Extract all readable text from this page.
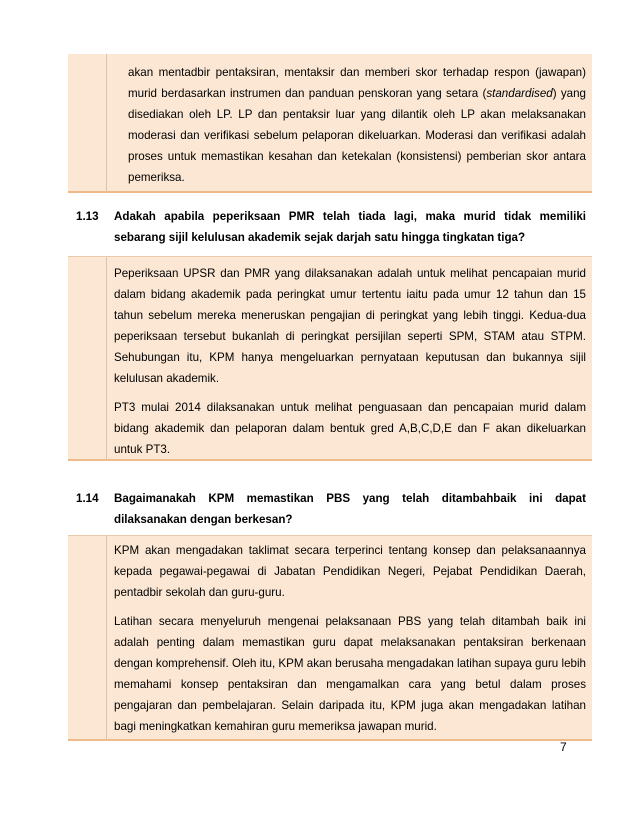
akan mentadbir pentaksiran, mentaksir dan memberi skor terhadap respon (jawapan) murid berdasarkan instrumen dan panduan penskoran yang setara (standardised) yang disediakan oleh LP. LP dan pentaksir luar yang dilantik oleh LP akan melaksanakan moderasi dan verifikasi sebelum pelaporan dikeluarkan. Moderasi dan verifikasi adalah proses untuk memastikan kesahan dan ketekalan (konsistensi) pemberian skor antara pemeriksa.

1.13 Adakah apabila peperiksaan PMR telah tiada lagi, maka murid tidak memiliki sebarang sijil kelulusan akademik sejak darjah satu hingga tingkatan tiga?

Peperiksaan UPSR dan PMR yang dilaksanakan adalah untuk melihat pencapaian murid dalam bidang akademik pada peringkat umur tertentu iaitu pada umur 12 tahun dan 15 tahun sebelum mereka meneruskan pengajian di peringkat yang lebih tinggi. Kedua-dua peperiksaan tersebut bukanlah di peringkat persijilan seperti SPM, STAM atau STPM. Sehubungan itu, KPM hanya mengeluarkan pernyataan keputusan dan bukannya sijil kelulusan akademik.

PT3 mulai 2014 dilaksanakan untuk melihat penguasaan dan pencapaian murid dalam bidang akademik dan pelaporan dalam bentuk gred A,B,C,D,E dan F akan dikeluarkan untuk PT3.

1.14 Bagaimanakah KPM memastikan PBS yang telah ditambahbaik ini dapat dilaksanakan dengan berkesan?

KPM akan mengadakan taklimat secara terperinci tentang konsep dan pelaksanaannya kepada pegawai-pegawai di Jabatan Pendidikan Negeri, Pejabat Pendidikan Daerah, pentadbir sekolah dan guru-guru.

Latihan secara menyeluruh mengenai pelaksanaan PBS yang telah ditambah baik ini adalah penting dalam memastikan guru dapat melaksanakan pentaksiran berkenaan dengan komprehensif. Oleh itu, KPM akan berusaha mengadakan latihan supaya guru lebih memahami konsep pentaksiran dan mengamalkan cara yang betul dalam proses pengajaran dan pembelajaran. Selain daripada itu, KPM juga akan mengadakan latihan bagi meningkatkan kemahiran guru memeriksa jawapan murid.

7
